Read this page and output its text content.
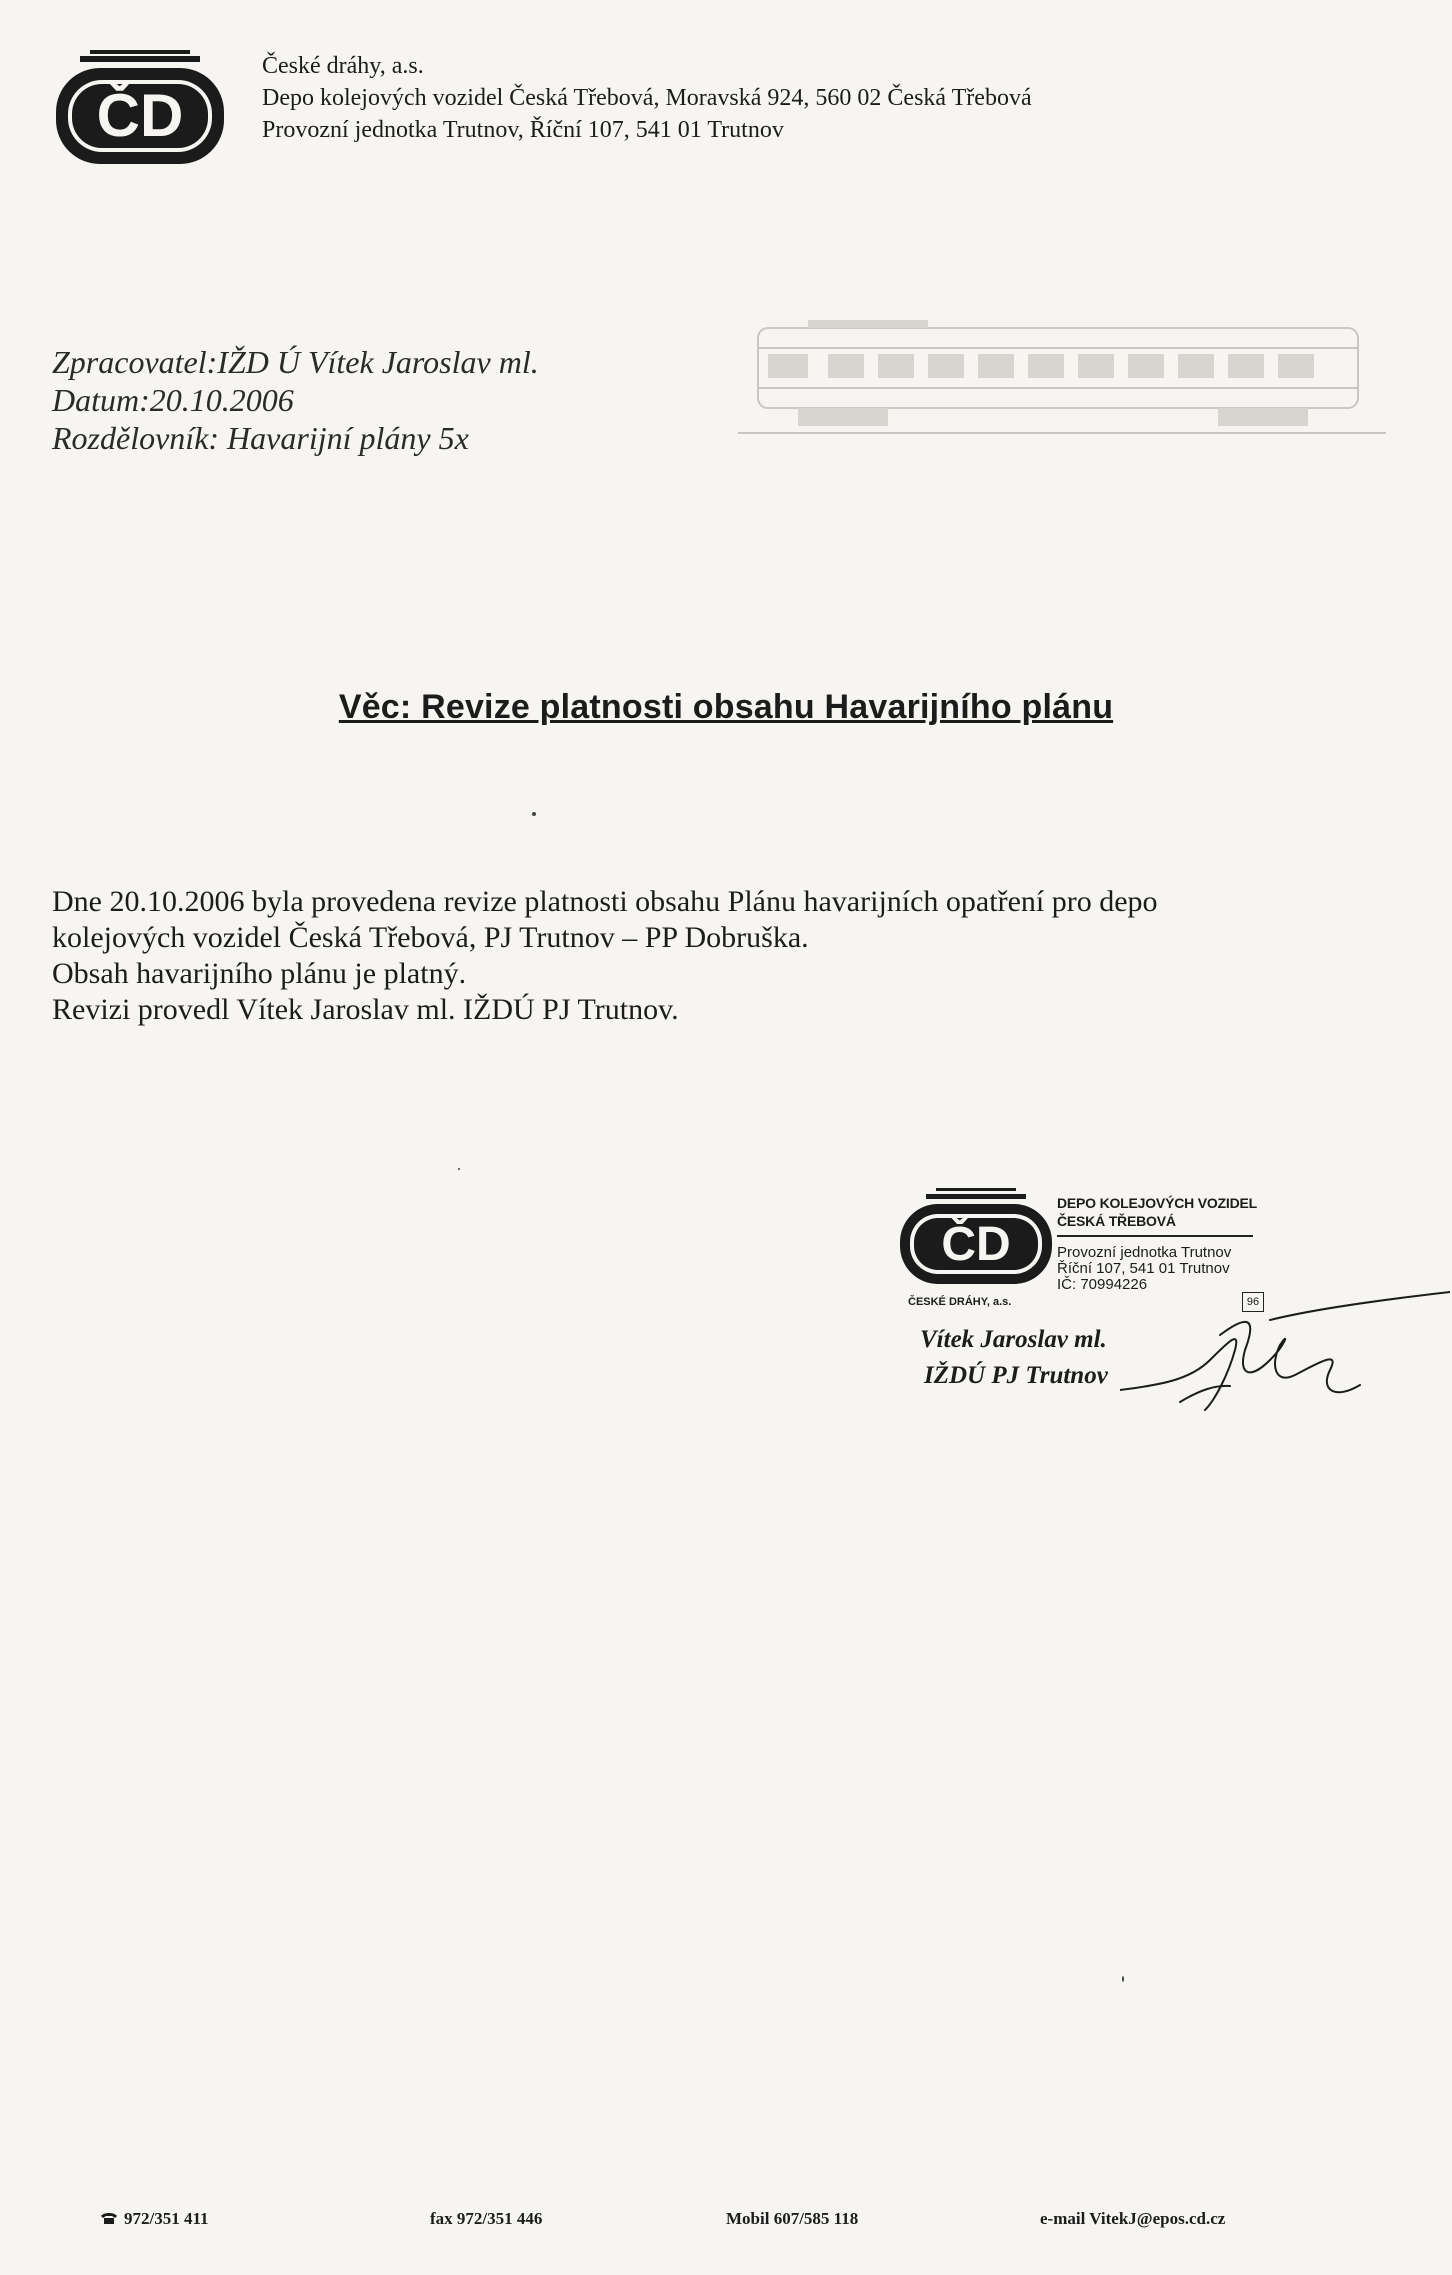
ČD
České dráhy, a.s.
Depo kolejových vozidel Česká Třebová, Moravská 924, 560 02 Česká Třebová
Provozní jednotka Trutnov, Říční 107, 541 01 Trutnov
Zpracovatel:IŽD Ú Vítek Jaroslav ml.
Datum:20.10.2006
Rozdělovník: Havarijní plány 5x
Věc: Revize platnosti obsahu Havarijního plánu

Dne 20.10.2006 byla provedena revize platnosti obsahu Plánu havarijních opatření pro depo

kolejových vozidel Česká Třebová, PJ Trutnov – PP Dobruška.

Obsah havarijního plánu je platný.

Revizi provedl Vítek Jaroslav ml. IŽDÚ PJ Trutnov.

ČD
ČESKÉ DRÁHY, a.s.
DEPO KOLEJOVÝCH VOZIDEL
ČESKÁ TŘEBOVÁ
Provozní jednotka Trutnov
Říční 107, 541 01 Trutnov
IČ: 70994226
96
Vítek Jaroslav ml.
IŽDÚ PJ Trutnov
972/351 411	fax 972/351 446	Mobil 607/585 118	e-mail VitekJ@epos.cd.cz
